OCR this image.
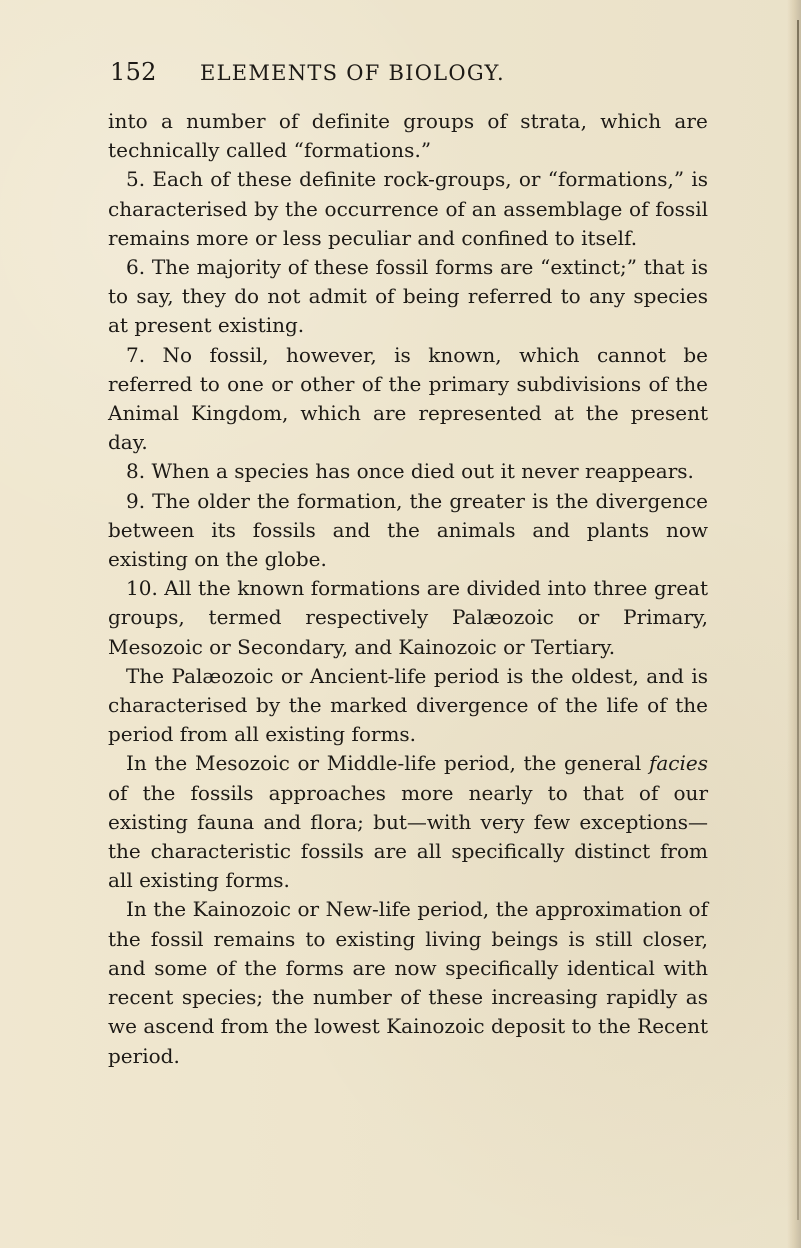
152	ELEMENTS OF BIOLOGY.

into a number of definite groups of strata, which are technically called “formations.”

5. Each of these definite rock-groups, or “formations,” is characterised by the occurrence of an assemblage of fossil remains more or less peculiar and confined to itself.

6. The majority of these fossil forms are “extinct;” that is to say, they do not admit of being referred to any species at present existing.

7. No fossil, however, is known, which cannot be referred to one or other of the primary subdivisions of the Animal Kingdom, which are represented at the present day.

8. When a species has once died out it never reappears.

9. The older the formation, the greater is the divergence between its fossils and the animals and plants now existing on the globe.

10. All the known formations are divided into three great groups, termed respectively Palæozoic or Primary, Mesozoic or Secondary, and Kainozoic or Tertiary.

The Palæozoic or Ancient-life period is the oldest, and is characterised by the marked divergence of the life of the period from all existing forms.

In the Mesozoic or Middle-life period, the general facies of the fossils approaches more nearly to that of our existing fauna and flora; but—with very few exceptions—the characteristic fossils are all specifically distinct from all existing forms.

In the Kainozoic or New-life period, the approximation of the fossil remains to existing living beings is still closer, and some of the forms are now specifically identical with recent species; the number of these increasing rapidly as we ascend from the lowest Kainozoic deposit to the Recent period.
